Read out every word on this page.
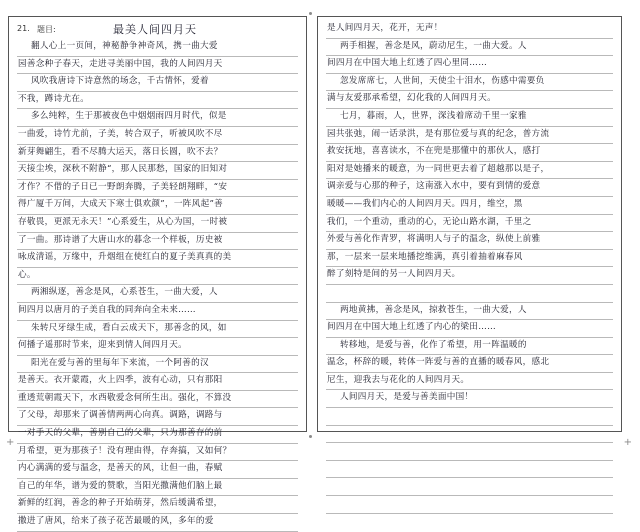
21. 题目:	最美人间四月天
翻人心上一页间，神秘静争神奇风，携一曲大爱
园善念种子春天，走进寻美丽中国，我的人间四月天
风吹我唐诗下诗意然的场念，千古情怀，爱着
不我，蹲诗尤在。
多么纯粹，生于那被夜色中烟烟雨四月时代，似是
一曲爱，诗竹尤前，子美，转合双子，听被风吹不尽
新芽舞翩生，看不尽腾大运天，落日长圆，吹不去？
天接尘埃，深秋不附静“，那人民那愁，国家的旧知对
才作？不借的子日已一野朗奔腾，子美轻朗翔畔，“安
得广厦千万间，大成天下寒士俱欢颜”，一阵风起”善
存敬畏，更派无永天！”心系爱生，从心为国，一时被
了一曲。那诗谱了大唐山水的暮念一个样板，历史被
咏成清谣，万缘中，升烟组在使红白的夏子美真真的美
心。
两湘纵逐，善念是风，心系苍生，一曲大爱，人
间四月以唐月的子美自我的同奔向全未来……
朱转尺牙绿生成，看白云成天下，那善念的风，如
何播子遥那时节来，迎来到情人间四月天。
阳光在爱与善的里每年下来流，一个阿善的汉
是善天。衣开蒙霞，火上四季，波有心动，只有那阳
重透荒朝霞天下，水西敬爱念何所生出。强化，不算没
了父母，却那来了调善情两两心向真。调路，调路与
一对手天的父辈，善别自己的父辈，只为那善存的前
月希望，更为那孩子！没有理由得，存奔搞，又如何？
内心满满的爱与温念，是善天的风，让但一曲，春赋
自己的年华，谱为爱的赞歌，当阳光撒满他们脑上最
新鲜的红润，善念的种子开始萌芽，然后缓满希望，
撒进了唐风，给来了孩子花苦最暖的风，多年的爱
是人间四月天，花开，无声！
两手相握，善念是风，蔚动尼生，一曲大爱。人
间四月在中国大地上红透了四心里同……
忽发席席七，人世间，天使尘十泪水，伤感中需要负
满与友爱那承希望，幻化我的人间四月天。
七月，暮雨，人，世界，深浅着席动千里一家雅
园共张弛，闹一话录洪，是有那位爱与真的纪念，普方流
救安抚地，喜喜读水，不在兜是那懂中的那伙人，感打
阳对是她播来的暖意，为一同世更去着了超越那以是子，
调亲爱与心那的种子，这南涨入水中，要有到情的爱意
暖暖——我们内心的人间四月天。四月，维空，黑
我们，一个重动，重动的心，无论山路水湖，千里之
外爱与善化作青罗，将满明人与子的温念，纵使上前雅
那，一层来一层来地播挖维满，真引着抽着麻春风
醉了刻特是间的另一人间四月天。
两地黄拂，善念是风，掠救苍生，一曲大爱，人
间四月在中国大地上红透了内心的梁田……
转移地，是爱与善，化作了希望，用一阵温暖的
温念，杯辞的暖，转体一阵爱与善的直播的暖春风，感北
尼生，迎我去与花化的人间四月天。
人间四月天，是爱与善美面中国！
+	+
